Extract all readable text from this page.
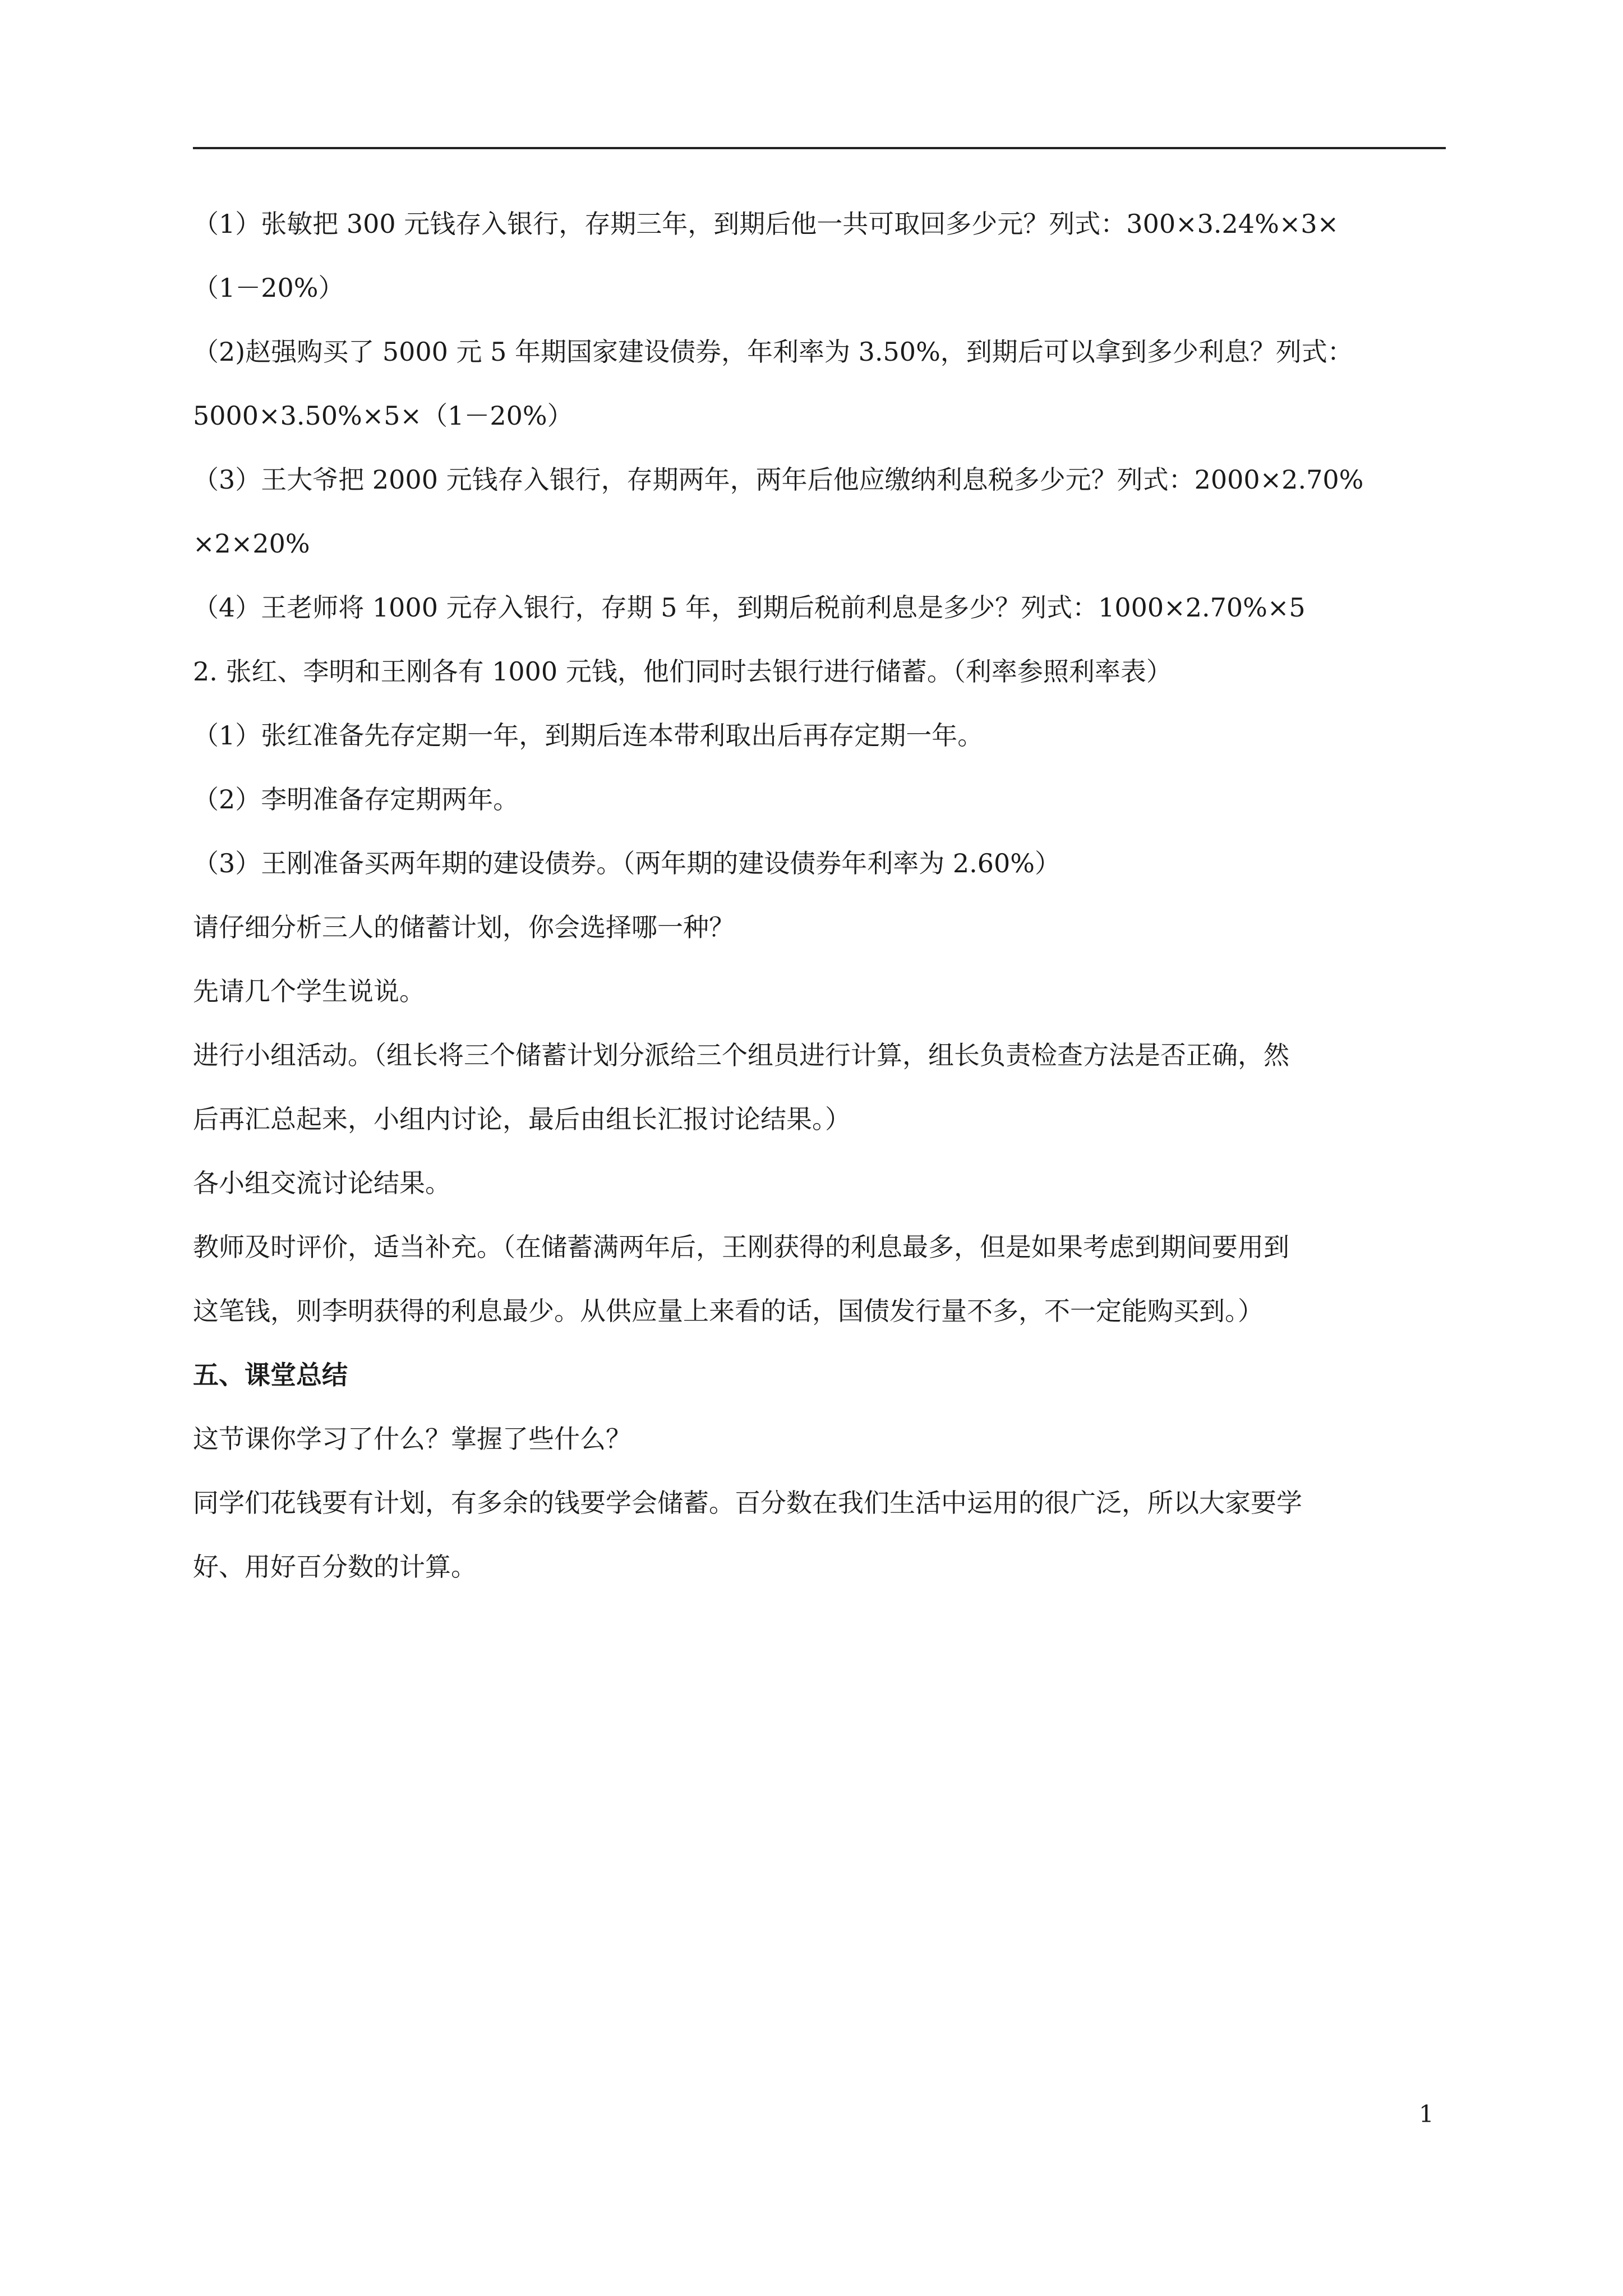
（1）张敏把 300 元钱存入银行，存期三年，到期后他一共可取回多少元？列式：300×3.24%×3×
（1－20%）
（2)赵强购买了 5000 元 5 年期国家建设债券，年利率为 3.50%，到期后可以拿到多少利息？列式：
5000×3.50%×5×（1－20%）
（3）王大爷把 2000 元钱存入银行，存期两年，两年后他应缴纳利息税多少元？列式：2000×2.70%
×2×20%
（4）王老师将 1000 元存入银行，存期 5 年，到期后税前利息是多少？列式：1000×2.70%×5
2. 张红、李明和王刚各有 1000 元钱，他们同时去银行进行储蓄。（利率参照利率表）
（1）张红准备先存定期一年，到期后连本带利取出后再存定期一年。
（2）李明准备存定期两年。
（3）王刚准备买两年期的建设债券。（两年期的建设债券年利率为 2.60%）
请仔细分析三人的储蓄计划，你会选择哪一种？
先请几个学生说说。
进行小组活动。（组长将三个储蓄计划分派给三个组员进行计算，组长负责检查方法是否正确，然
后再汇总起来，小组内讨论，最后由组长汇报讨论结果。）
各小组交流讨论结果。
教师及时评价，适当补充。（在储蓄满两年后，王刚获得的利息最多，但是如果考虑到期间要用到
这笔钱，则李明获得的利息最少。从供应量上来看的话，国债发行量不多，不一定能购买到。）
五、课堂总结
这节课你学习了什么？掌握了些什么？
同学们花钱要有计划，有多余的钱要学会储蓄。百分数在我们生活中运用的很广泛，所以大家要学
好、用好百分数的计算。
1
